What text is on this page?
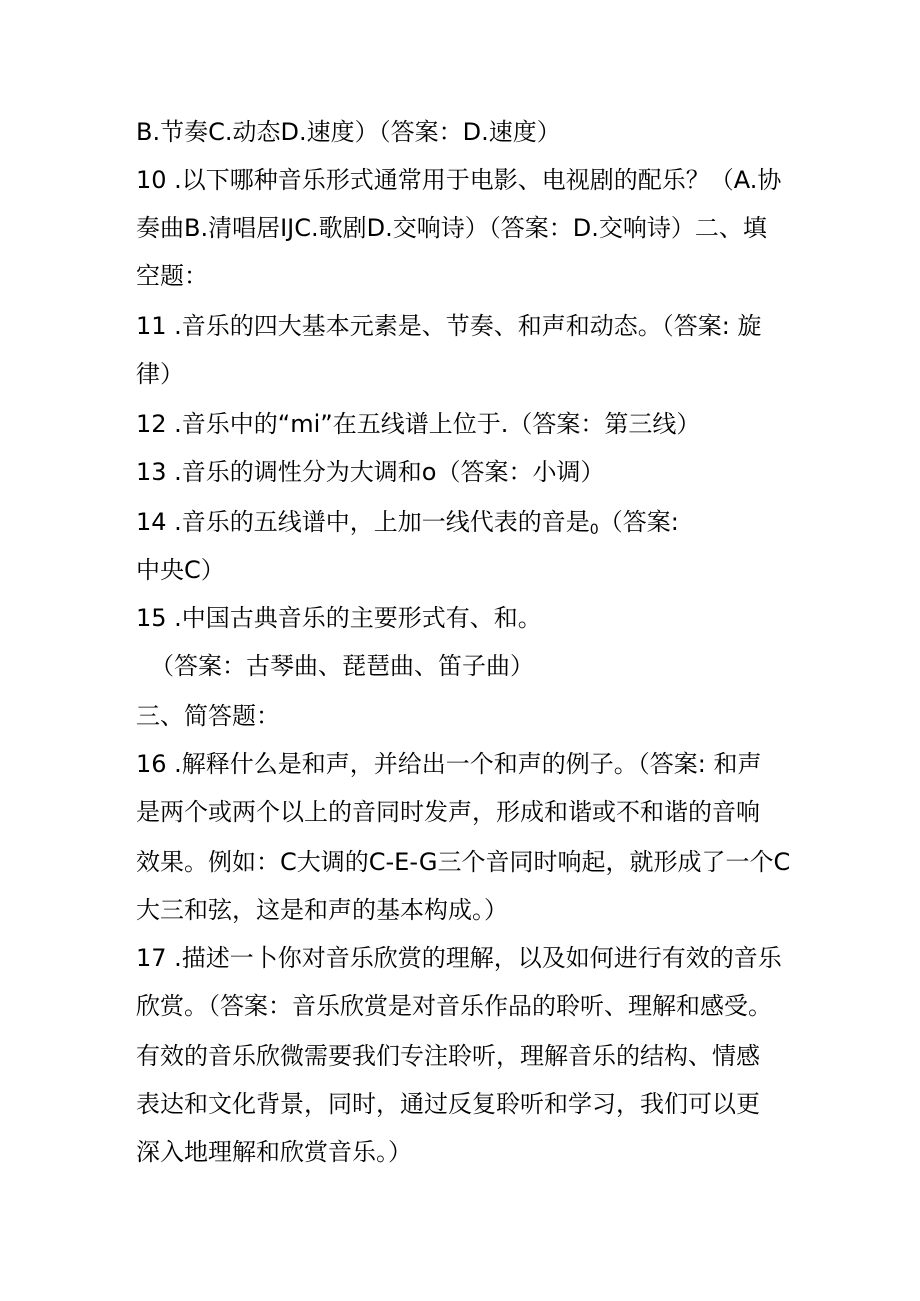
B.节奏C.动态D.速度）（答案：D.速度）
10 .以下哪种音乐形式通常用于电影、电视剧的配乐？（A.协
奏曲B.清唱居IJC.歌剧D.交响诗）（答案：D.交响诗）二、填
空题：
11 .音乐的四大基本元素是、节奏、和声和动态。（答案: 旋
律）
12 .音乐中的“mi”在五线谱上位于.（答案：第三线）
13 .音乐的调性分为大调和o（答案：小调）
14 .音乐的五线谱中，上加一线代表的音是$_0$（答案:
中央C）
15 .中国古典音乐的主要形式有、和。
（答案：古琴曲、琵琶曲、笛子曲）
三、简答题：
16 .解释什么是和声，并给出一个和声的例子。（答案: 和声
是两个或两个以上的音同时发声，形成和谐或不和谐的音响
效果。例如：C大调的C-E-G三个音同时响起，就形成了一个C
大三和弦，这是和声的基本构成。）
17 .描述一卜你对音乐欣赏的理解，以及如何进行有效的音乐
欣赏。（答案：音乐欣赏是对音乐作品的聆听、理解和感受。
有效的音乐欣微需要我们专注聆听，理解音乐的结构、情感
表达和文化背景，同时，通过反复聆听和学习，我们可以更
深入地理解和欣赏音乐。）
